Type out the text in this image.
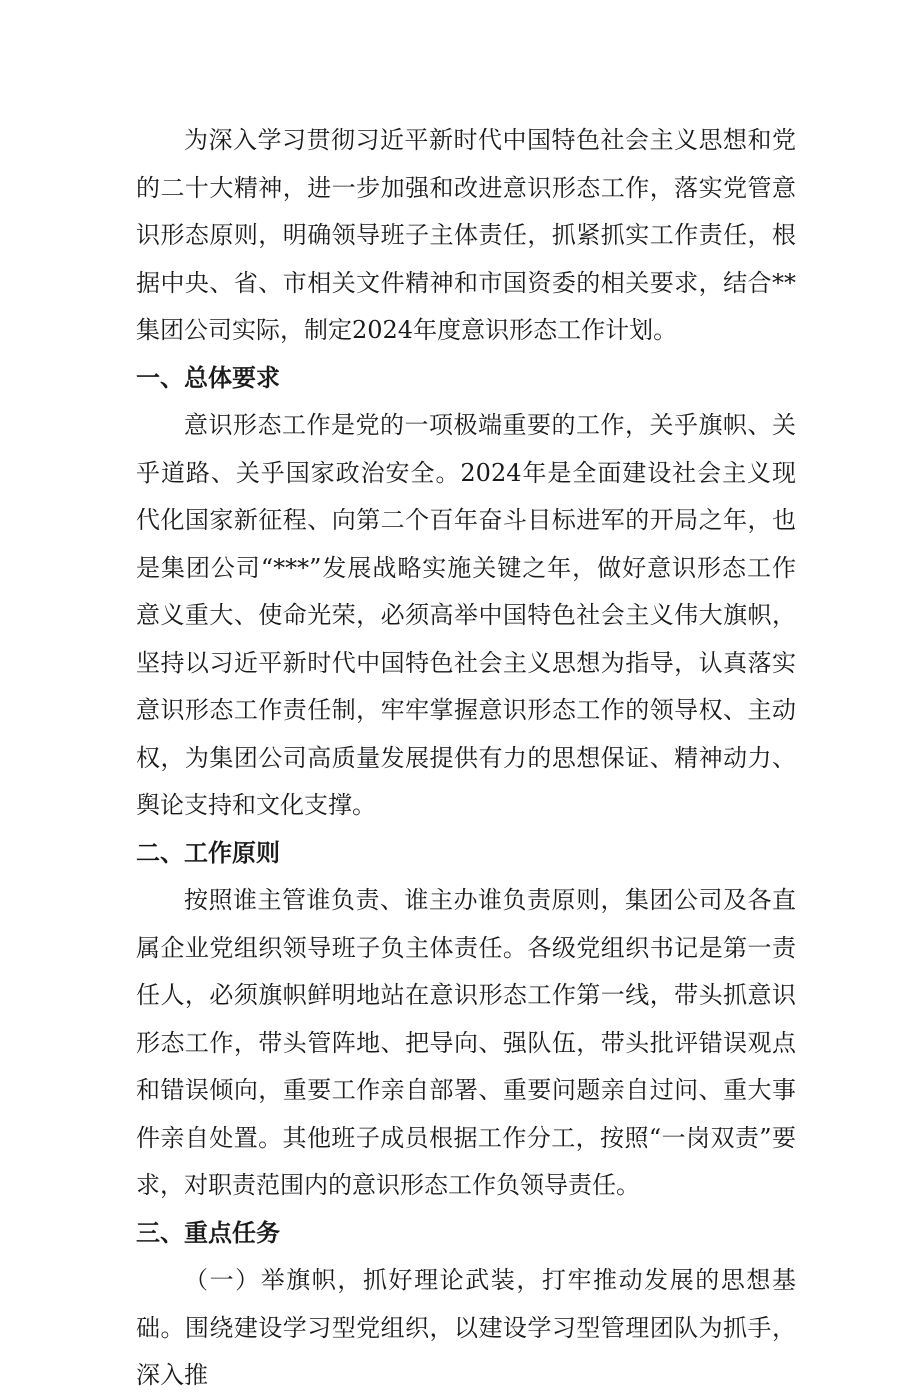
为深入学习贯彻习近平新时代中国特色社会主义思想和党的二十大精神，进一步加强和改进意识形态工作，落实党管意识形态原则，明确领导班子主体责任，抓紧抓实工作责任，根据中央、省、市相关文件精神和市国资委的相关要求，结合**集团公司实际，制定2024年度意识形态工作计划。

一、总体要求

意识形态工作是党的一项极端重要的工作，关乎旗帜、关乎道路、关乎国家政治安全。2024年是全面建设社会主义现代化国家新征程、向第二个百年奋斗目标进军的开局之年，也是集团公司“***”发展战略实施关键之年，做好意识形态工作意义重大、使命光荣，必须高举中国特色社会主义伟大旗帜，坚持以习近平新时代中国特色社会主义思想为指导，认真落实意识形态工作责任制，牢牢掌握意识形态工作的领导权、主动权，为集团公司高质量发展提供有力的思想保证、精神动力、舆论支持和文化支撑。

二、工作原则

按照谁主管谁负责、谁主办谁负责原则，集团公司及各直属企业党组织领导班子负主体责任。各级党组织书记是第一责任人，必须旗帜鲜明地站在意识形态工作第一线，带头抓意识形态工作，带头管阵地、把导向、强队伍，带头批评错误观点和错误倾向，重要工作亲自部署、重要问题亲自过问、重大事件亲自处置。其他班子成员根据工作分工，按照“一岗双责”要求，对职责范围内的意识形态工作负领导责任。

三、重点任务

（一）举旗帜，抓好理论武装，打牢推动发展的思想基础。围绕建设学习型党组织，以建设学习型管理团队为抓手，深入推
